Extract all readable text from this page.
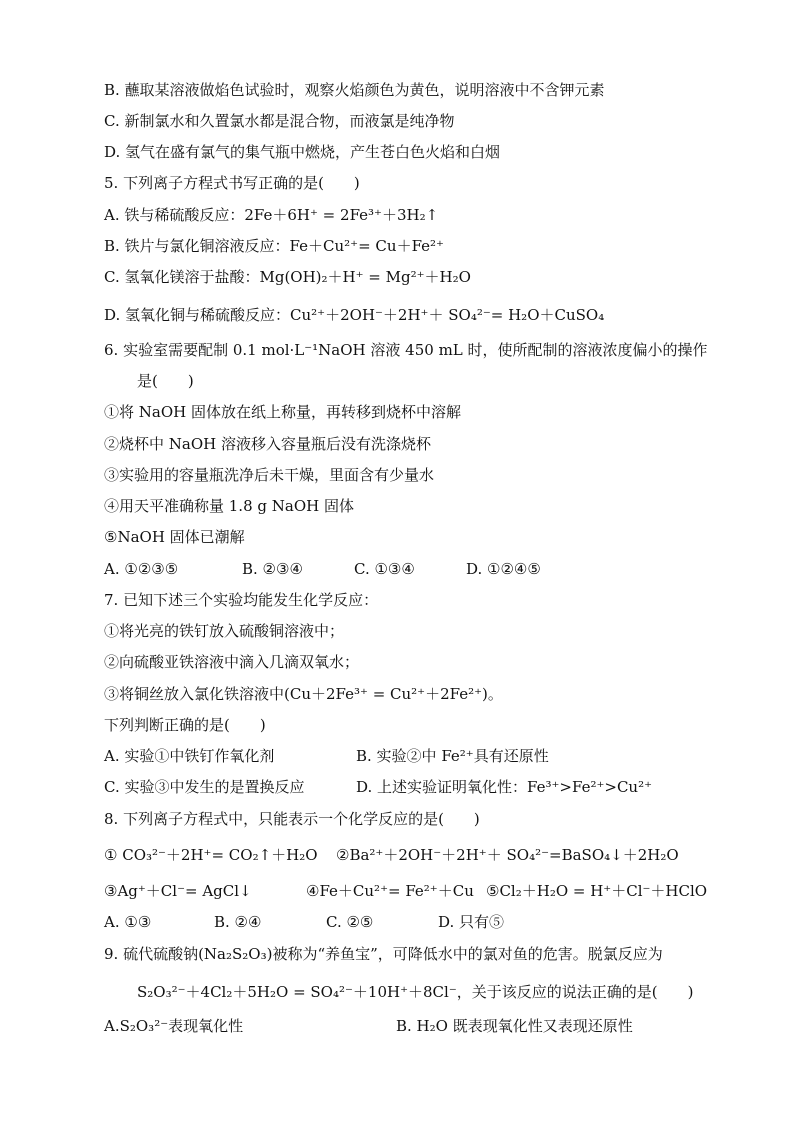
B. 蘸取某溶液做焰色试验时，观察火焰颜色为黄色，说明溶液中不含钾元素
C. 新制氯水和久置氯水都是混合物，而液氯是纯净物
D. 氢气在盛有氯气的集气瓶中燃烧，产生苍白色火焰和白烟
5. 下列离子方程式书写正确的是(　　)
A. 铁与稀硫酸反应：2Fe＋6H⁺ = 2Fe³⁺＋3H₂↑
B. 铁片与氯化铜溶液反应：Fe＋Cu²⁺= Cu＋Fe²⁺
C. 氢氧化镁溶于盐酸：Mg(OH)₂＋H⁺ = Mg²⁺＋H₂O
D. 氢氧化铜与稀硫酸反应：Cu²⁺＋2OH⁻＋2H⁺＋ SO₄²⁻= H₂O＋CuSO₄
6. 实验室需要配制 0.1 mol·L⁻¹NaOH 溶液 450 mL 时，使所配制的溶液浓度偏小的操作
是(　　)
①将 NaOH 固体放在纸上称量，再转移到烧杯中溶解
②烧杯中 NaOH 溶液移入容量瓶后没有洗涤烧杯
③实验用的容量瓶洗净后未干燥，里面含有少量水
④用天平准确称量 1.8 g NaOH 固体
⑤NaOH 固体已潮解
A. ①②③⑤	B. ②③④	C. ①③④	D. ①②④⑤
7. 已知下述三个实验均能发生化学反应：
①将光亮的铁钉放入硫酸铜溶液中；
②向硫酸亚铁溶液中滴入几滴双氧水；
③将铜丝放入氯化铁溶液中(Cu＋2Fe³⁺ = Cu²⁺＋2Fe²⁺)。
下列判断正确的是(　　)
A. 实验①中铁钉作氧化剂	B. 实验②中 Fe²⁺具有还原性
C. 实验③中发生的是置换反应	D. 上述实验证明氧化性：Fe³⁺>Fe²⁺>Cu²⁺
8. 下列离子方程式中，只能表示一个化学反应的是(　　)
① CO₃²⁻＋2H⁺= CO₂↑＋H₂O	②Ba²⁺＋2OH⁻＋2H⁺＋ SO₄²⁻=BaSO₄↓＋2H₂O
③Ag⁺＋Cl⁻= AgCl↓	④Fe＋Cu²⁺= Fe²⁺＋Cu ⑤Cl₂＋H₂O = H⁺＋Cl⁻＋HClO
A. ①③	B. ②④	C. ②⑤	D. 只有⑤
9. 硫代硫酸钠(Na₂S₂O₃)被称为“养鱼宝”，可降低水中的氯对鱼的危害。脱氯反应为
S₂O₃²⁻＋4Cl₂＋5H₂O = SO₄²⁻＋10H⁺＋8Cl⁻，关于该反应的说法正确的是(　　)
A.S₂O₃²⁻表现氧化性	B. H₂O 既表现氧化性又表现还原性
